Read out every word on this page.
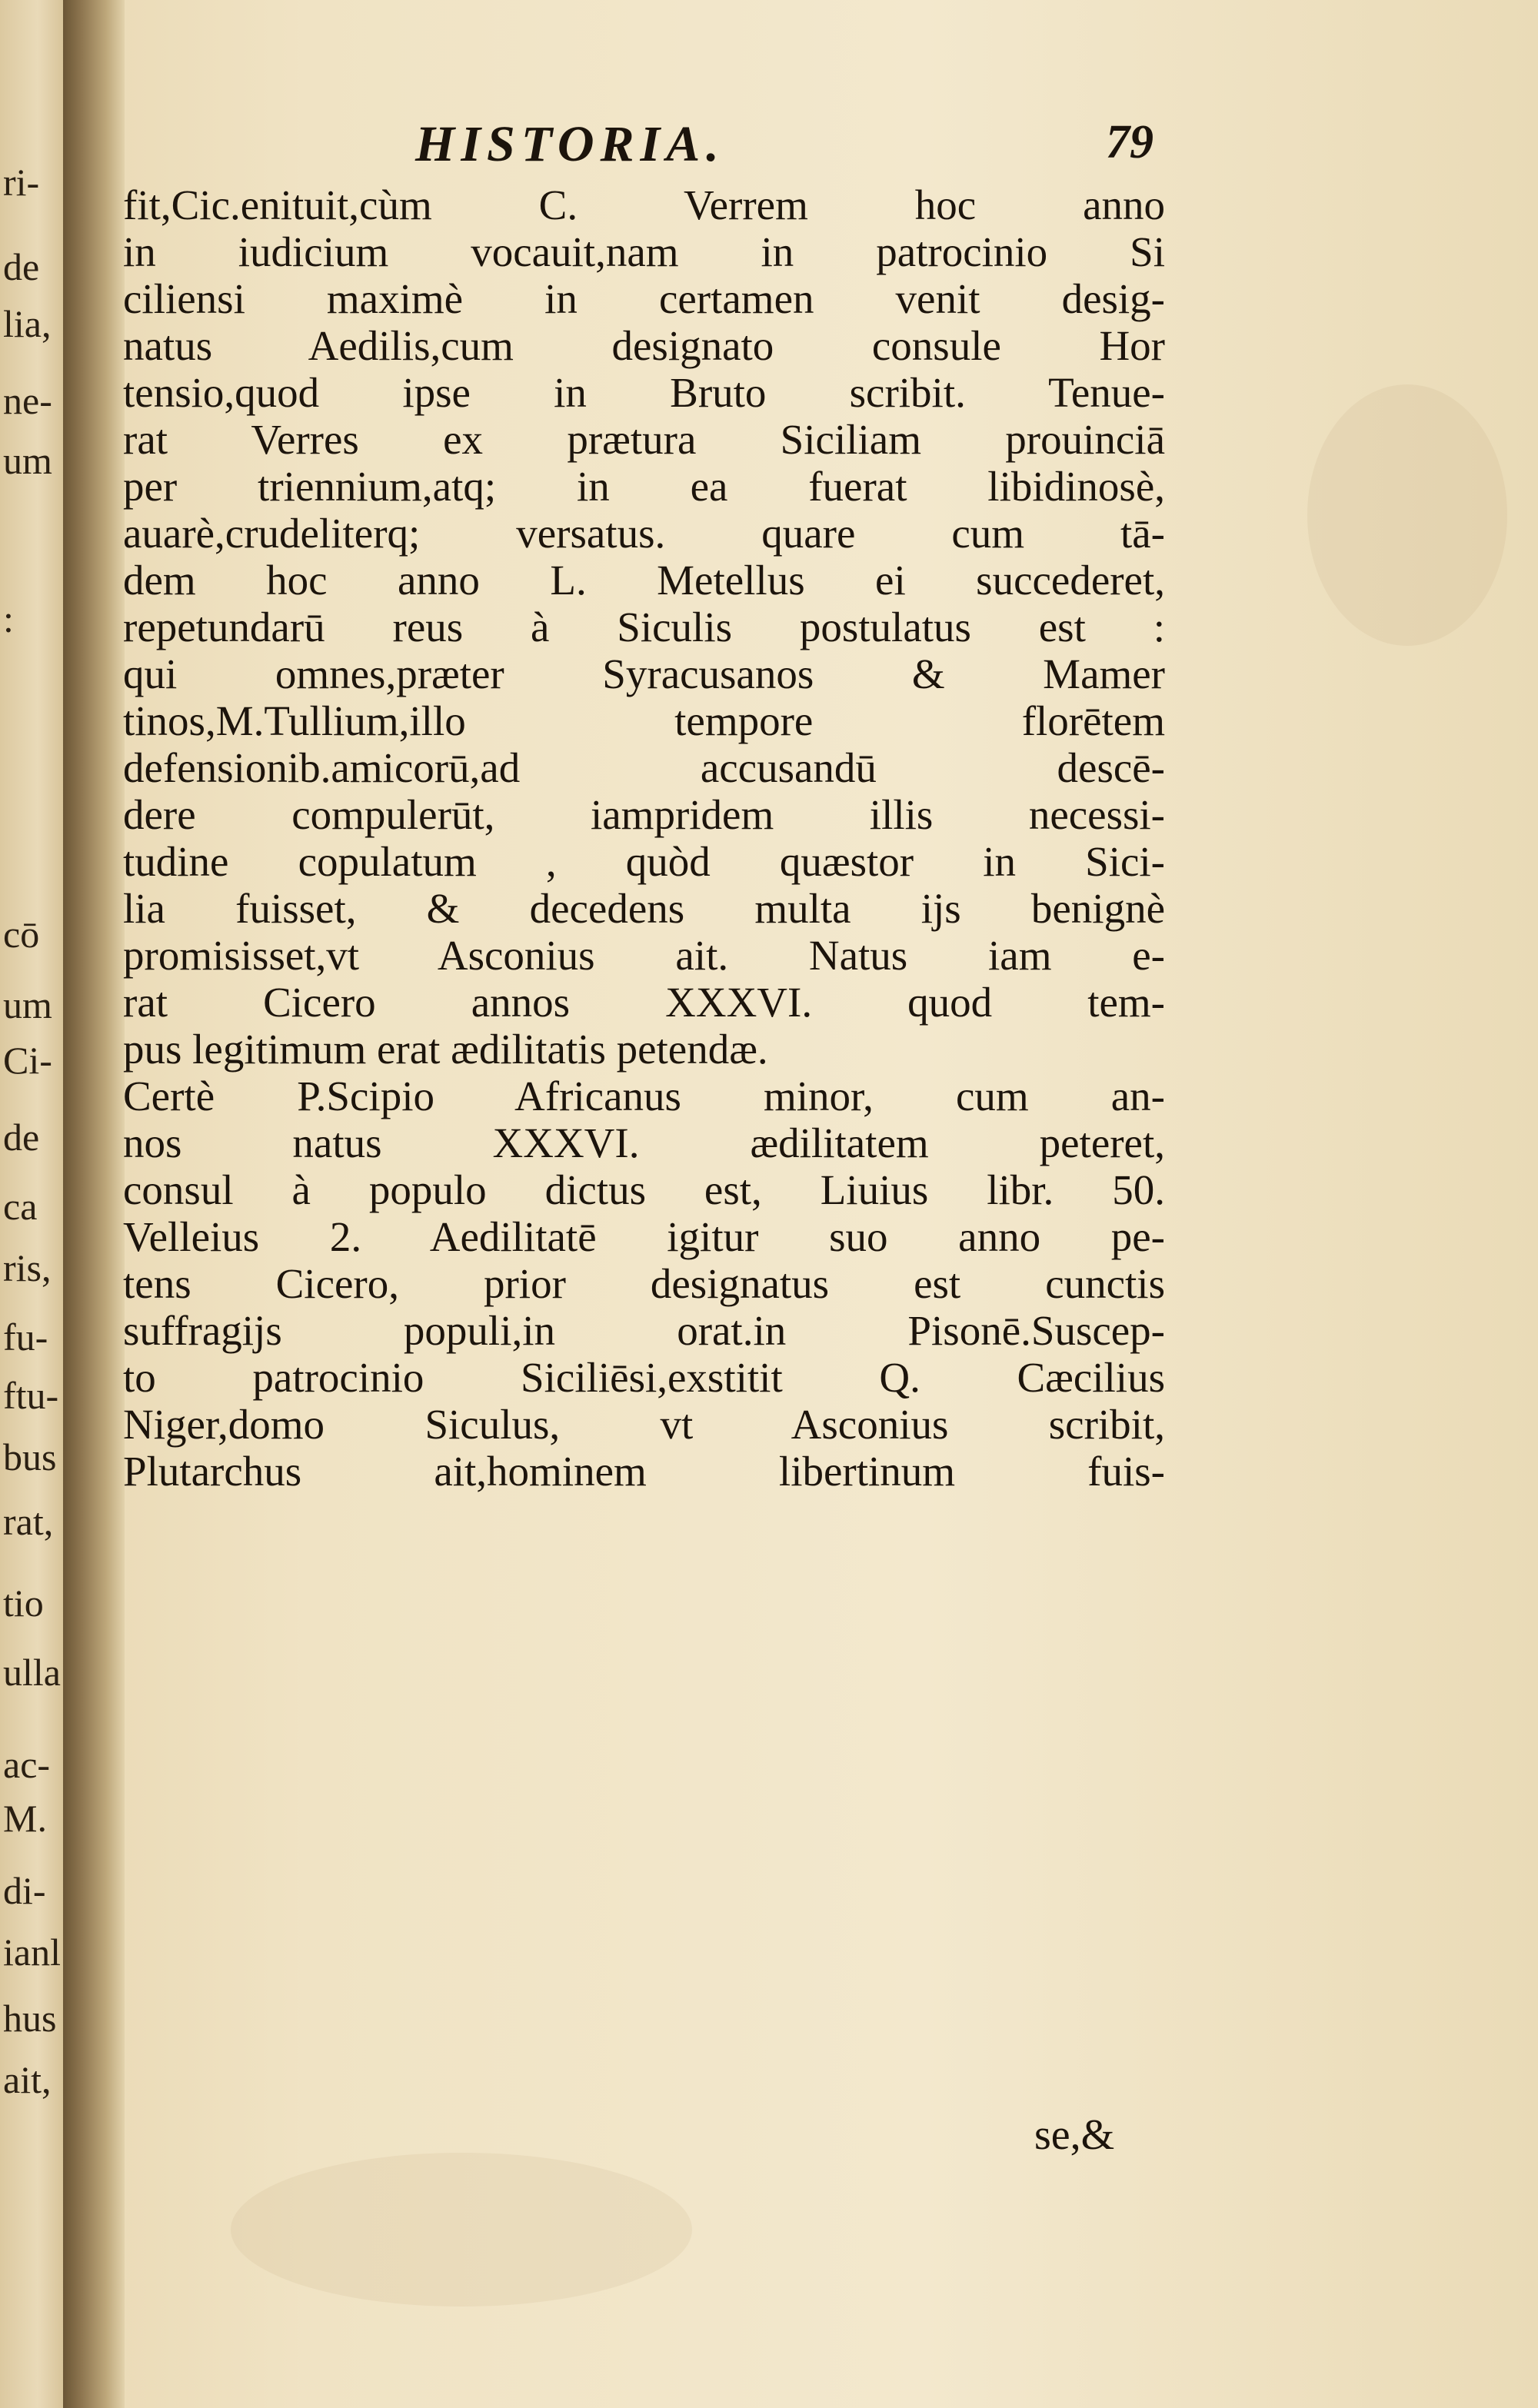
ri-
de
lia,
ne-
um
:
cō
um
Ci-
de
ca
ris,
fu-
ftu-
bus
rat,
tio
ulla
ac-
M.
di-
ianl
hus
ait,
HISTORIA.	79
fit,Cic.enituit,cùm C. Verrem hoc anno
in iudicium vocauit,nam in patrocinio Si
ciliensi maximè in certamen venit desig-
natus Aedilis,cum designato consule Hor
tensio,quod ipse in Bruto scribit. Tenue-
rat Verres ex prætura Siciliam prouinciā
per triennium,atq; in ea fuerat libidinosè,
auarè,crudeliterq; versatus. quare cum tā-
dem hoc anno L. Metellus ei succederet,
repetundarū reus à Siculis postulatus est :
qui omnes,præter Syracusanos & Mamer
tinos,M.Tullium,illo tempore florētem
defensionib.amicorū,ad accusandū descē-
dere compulerūt, iampridem illis necessi-
tudine copulatum , quòd quæstor in Sici-
lia fuisset, & decedens multa ijs benignè
promisisset,vt Asconius ait. Natus iam e-
rat Cicero annos XXXVI. quod tem-
pus legitimum erat ædilitatis petendæ.
Certè P.Scipio Africanus minor, cum an-
nos natus XXXVI. ædilitatem peteret,
consul à populo dictus est, Liuius libr. 50.
Velleius 2. Aedilitatē igitur suo anno pe-
tens Cicero, prior designatus est cunctis
suffragijs populi,in orat.in Pisonē.Suscep-
to patrocinio Siciliēsi,exstitit Q. Cæcilius
Niger,domo Siculus, vt Asconius scribit,
Plutarchus ait,hominem libertinum fuis-
se,&
